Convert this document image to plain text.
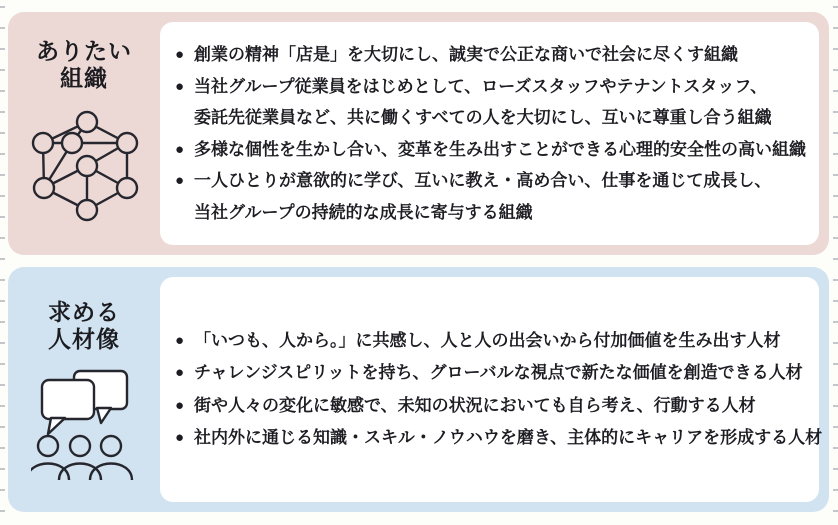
ありたい
組織
● 創業の精神「店是」を大切にし、誠実で公正な商いで社会に尽くす組織
● 当社グループ従業員をはじめとして、ローズスタッフやテナントスタッフ、
委託先従業員など、共に働くすべての人を大切にし、互いに尊重し合う組織
● 多様な個性を生かし合い、変革を生み出すことができる心理的安全性の高い組織
● 一人ひとりが意欲的に学び、互いに教え・高め合い、仕事を通じて成長し、
当社グループの持続的な成長に寄与する組織
求める
人材像	● 「いつも、人から。」に共感し、人と人の出会いから付加価値を生み出す人材
● チャレンジスピリットを持ち、グローバルな視点で新たな価値を創造できる人材
● 街や人々の変化に敏感で、未知の状況においても自ら考え、行動する人材
● 社内外に通じる知識・スキル・ノウハウを磨き、主体的にキャリアを形成する人材
